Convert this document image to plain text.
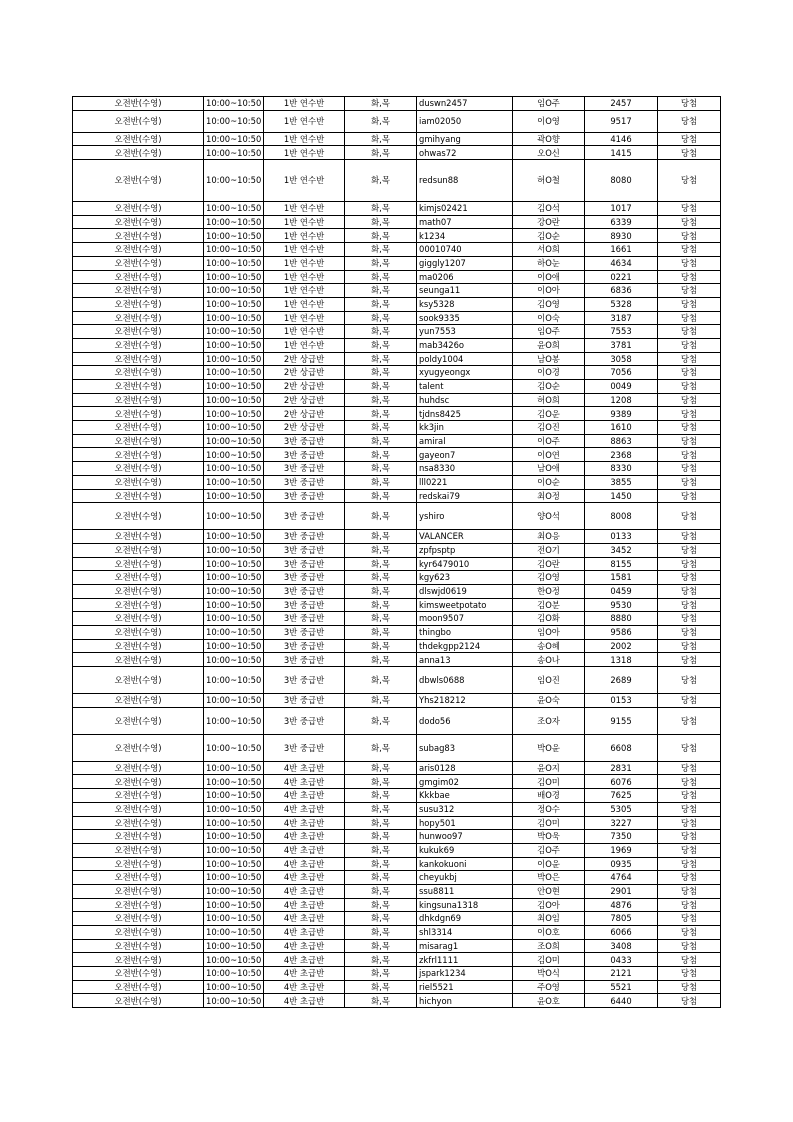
오전반(수영)	10:00~10:50	1반 연수반	화,목	duswn2457	임O주	2457	당첨
오전반(수영)	10:00~10:50	1반 연수반	화,목	iam02050	이O영	9517	당첨
오전반(수영)	10:00~10:50	1반 연수반	화,목	gmihyang	곽O향	4146	당첨
오전반(수영)	10:00~10:50	1반 연수반	화,목	ohwas72	오O신	1415	당첨
오전반(수영)	10:00~10:50	1반 연수반	화,목	redsun88	허O철	8080	당첨
오전반(수영)	10:00~10:50	1반 연수반	화,목	kimjs02421	김O석	1017	당첨
오전반(수영)	10:00~10:50	1반 연수반	화,목	math07	강O란	6339	당첨
오전반(수영)	10:00~10:50	1반 연수반	화,목	k1234	김O순	8930	당첨
오전반(수영)	10:00~10:50	1반 연수반	화,목	00010740	서O희	1661	당첨
오전반(수영)	10:00~10:50	1반 연수반	화,목	giggly1207	하O눈	4634	당첨
오전반(수영)	10:00~10:50	1반 연수반	화,목	ma0206	이O애	0221	당첨
오전반(수영)	10:00~10:50	1반 연수반	화,목	seunga11	이O아	6836	당첨
오전반(수영)	10:00~10:50	1반 연수반	화,목	ksy5328	김O영	5328	당첨
오전반(수영)	10:00~10:50	1반 연수반	화,목	sook9335	이O숙	3187	당첨
오전반(수영)	10:00~10:50	1반 연수반	화,목	yun7553	임O주	7553	당첨
오전반(수영)	10:00~10:50	1반 연수반	화,목	mab3426o	윤O희	3781	당첨
오전반(수영)	10:00~10:50	2반 상급반	화,목	poldy1004	남O봉	3058	당첨
오전반(수영)	10:00~10:50	2반 상급반	화,목	xyugyeongx	이O경	7056	당첨
오전반(수영)	10:00~10:50	2반 상급반	화,목	talent	김O순	0049	당첨
오전반(수영)	10:00~10:50	2반 상급반	화,목	huhdsc	허O희	1208	당첨
오전반(수영)	10:00~10:50	2반 상급반	화,목	tjdns8425	김O운	9389	당첨
오전반(수영)	10:00~10:50	2반 상급반	화,목	kk3jin	김O진	1610	당첨
오전반(수영)	10:00~10:50	3반 중급반	화,목	amiral	이O주	8863	당첨
오전반(수영)	10:00~10:50	3반 중급반	화,목	gayeon7	이O연	2368	당첨
오전반(수영)	10:00~10:50	3반 중급반	화,목	nsa8330	남O애	8330	당첨
오전반(수영)	10:00~10:50	3반 중급반	화,목	lll0221	이O순	3855	당첨
오전반(수영)	10:00~10:50	3반 중급반	화,목	redskai79	최O정	1450	당첨
오전반(수영)	10:00~10:50	3반 중급반	화,목	yshiro	양O석	8008	당첨
오전반(수영)	10:00~10:50	3반 중급반	화,목	VALANCER	최O응	0133	당첨
오전반(수영)	10:00~10:50	3반 중급반	화,목	zpfpsptp	전O기	3452	당첨
오전반(수영)	10:00~10:50	3반 중급반	화,목	kyr6479010	김O란	8155	당첨
오전반(수영)	10:00~10:50	3반 중급반	화,목	kgy623	김O영	1581	당첨
오전반(수영)	10:00~10:50	3반 중급반	화,목	dlswjd0619	한O정	0459	당첨
오전반(수영)	10:00~10:50	3반 중급반	화,목	kimsweetpotato	김O분	9530	당첨
오전반(수영)	10:00~10:50	3반 중급반	화,목	moon9507	김O화	8880	당첨
오전반(수영)	10:00~10:50	3반 중급반	화,목	thingbo	임O아	9586	당첨
오전반(수영)	10:00~10:50	3반 중급반	화,목	thdekgpp2124	송O혜	2002	당첨
오전반(수영)	10:00~10:50	3반 중급반	화,목	anna13	송O나	1318	당첨
오전반(수영)	10:00~10:50	3반 중급반	화,목	dbwls0688	임O진	2689	당첨
오전반(수영)	10:00~10:50	3반 중급반	화,목	Yhs218212	윤O숙	0153	당첨
오전반(수영)	10:00~10:50	3반 중급반	화,목	dodo56	조O자	9155	당첨
오전반(수영)	10:00~10:50	3반 중급반	화,목	subag83	박O윤	6608	당첨
오전반(수영)	10:00~10:50	4반 초급반	화,목	aris0128	윤O지	2831	당첨
오전반(수영)	10:00~10:50	4반 초급반	화,목	gmgim02	김O미	6076	당첨
오전반(수영)	10:00~10:50	4반 초급반	화,목	Kkkbae	배O경	7625	당첨
오전반(수영)	10:00~10:50	4반 초급반	화,목	susu312	정O수	5305	당첨
오전반(수영)	10:00~10:50	4반 초급반	화,목	hopy501	김O미	3227	당첨
오전반(수영)	10:00~10:50	4반 초급반	화,목	hunwoo97	박O욱	7350	당첨
오전반(수영)	10:00~10:50	4반 초급반	화,목	kukuk69	김O주	1969	당첨
오전반(수영)	10:00~10:50	4반 초급반	화,목	kankokuoni	이O윤	0935	당첨
오전반(수영)	10:00~10:50	4반 초급반	화,목	cheyukbj	박O은	4764	당첨
오전반(수영)	10:00~10:50	4반 초급반	화,목	ssu8811	안O현	2901	당첨
오전반(수영)	10:00~10:50	4반 초급반	화,목	kingsuna1318	김O아	4876	당첨
오전반(수영)	10:00~10:50	4반 초급반	화,목	dhkdgn69	최O임	7805	당첨
오전반(수영)	10:00~10:50	4반 초급반	화,목	shl3314	이O호	6066	당첨
오전반(수영)	10:00~10:50	4반 초급반	화,목	misarag1	조O희	3408	당첨
오전반(수영)	10:00~10:50	4반 초급반	화,목	zkfrl1111	김O미	0433	당첨
오전반(수영)	10:00~10:50	4반 초급반	화,목	jspark1234	박O식	2121	당첨
오전반(수영)	10:00~10:50	4반 초급반	화,목	riel5521	주O영	5521	당첨
오전반(수영)	10:00~10:50	4반 초급반	화,목	hichyon	윤O호	6440	당첨
